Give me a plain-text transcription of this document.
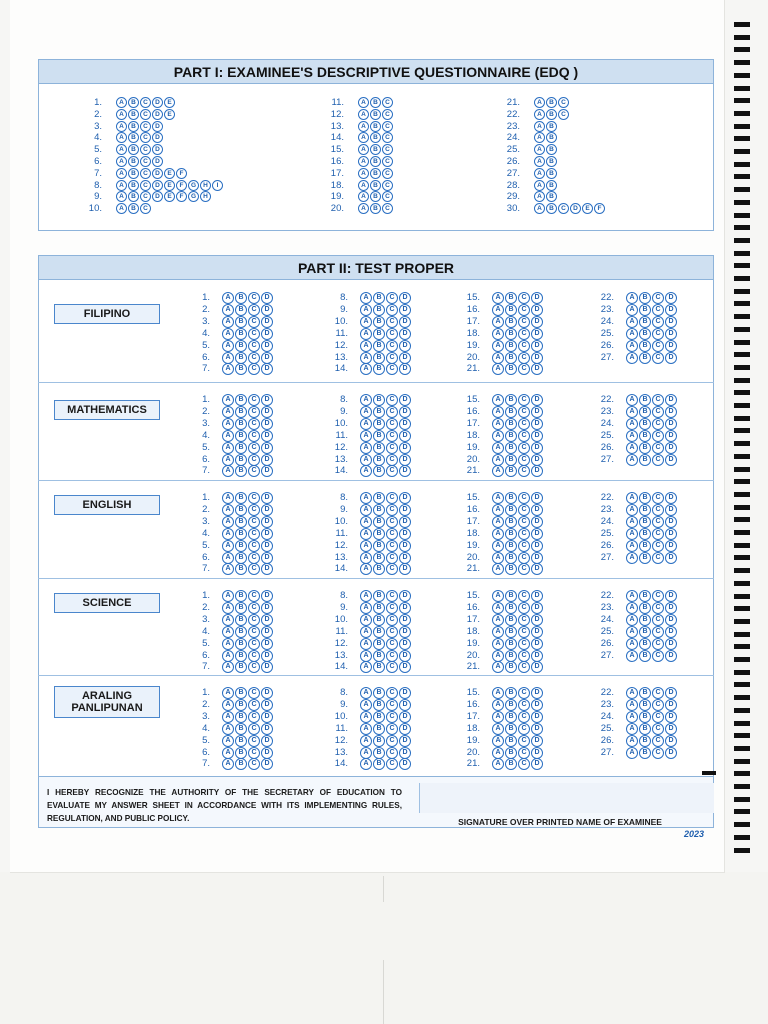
PART I: EXAMINEE'S DESCRIPTIVE QUESTIONNAIRE (EDQ )
PART II: TEST PROPER
I HEREBY RECOGNIZE THE AUTHORITY OF THE SECRETARY OF EDUCATION TO EVALUATE MY ANSWER SHEET IN ACCORDANCE WITH ITS IMPLEMENTING RULES, REGULATION, AND PUBLIC POLICY.	SIGNATURE OVER PRINTED NAME OF EXAMINEE
2023
1.	A	B	C	D	E
2.	A	B	C	D	E
3.	A	B	C	D
4.	A	B	C	D
5.	A	B	C	D
6.	A	B	C	D
7.	A	B	C	D	E	F
8.	A	B	C	D	E	F	G	H	I
9.	A	B	C	D	E	F	G	H
10.	A	B	C
11.	A	B	C
12.	A	B	C
13.	A	B	C
14.	A	B	C
15.	A	B	C
16.	A	B	C
17.	A	B	C
18.	A	B	C
19.	A	B	C
20.	A	B	C
21.	A	B	C
22.	A	B	C
23.	A	B
24.	A	B
25.	A	B
26.	A	B
27.	A	B
28.	A	B
29.	A	B
30.	A	B	C	D	E	F
FILIPINO
1.	A	B	C	D
2.	A	B	C	D
3.	A	B	C	D
4.	A	B	C	D
5.	A	B	C	D
6.	A	B	C	D
7.	A	B	C	D
8.	A	B	C	D
9.	A	B	C	D
10.	A	B	C	D
11.	A	B	C	D
12.	A	B	C	D
13.	A	B	C	D
14.	A	B	C	D
15.	A	B	C	D
16.	A	B	C	D
17.	A	B	C	D
18.	A	B	C	D
19.	A	B	C	D
20.	A	B	C	D
21.	A	B	C	D
22.	A	B	C	D
23.	A	B	C	D
24.	A	B	C	D
25.	A	B	C	D
26.	A	B	C	D
27.	A	B	C	D
MATHEMATICS
1.	A	B	C	D
2.	A	B	C	D
3.	A	B	C	D
4.	A	B	C	D
5.	A	B	C	D
6.	A	B	C	D
7.	A	B	C	D
8.	A	B	C	D
9.	A	B	C	D
10.	A	B	C	D
11.	A	B	C	D
12.	A	B	C	D
13.	A	B	C	D
14.	A	B	C	D
15.	A	B	C	D
16.	A	B	C	D
17.	A	B	C	D
18.	A	B	C	D
19.	A	B	C	D
20.	A	B	C	D
21.	A	B	C	D
22.	A	B	C	D
23.	A	B	C	D
24.	A	B	C	D
25.	A	B	C	D
26.	A	B	C	D
27.	A	B	C	D
ENGLISH
1.	A	B	C	D
2.	A	B	C	D
3.	A	B	C	D
4.	A	B	C	D
5.	A	B	C	D
6.	A	B	C	D
7.	A	B	C	D
8.	A	B	C	D
9.	A	B	C	D
10.	A	B	C	D
11.	A	B	C	D
12.	A	B	C	D
13.	A	B	C	D
14.	A	B	C	D
15.	A	B	C	D
16.	A	B	C	D
17.	A	B	C	D
18.	A	B	C	D
19.	A	B	C	D
20.	A	B	C	D
21.	A	B	C	D
22.	A	B	C	D
23.	A	B	C	D
24.	A	B	C	D
25.	A	B	C	D
26.	A	B	C	D
27.	A	B	C	D
SCIENCE
1.	A	B	C	D
2.	A	B	C	D
3.	A	B	C	D
4.	A	B	C	D
5.	A	B	C	D
6.	A	B	C	D
7.	A	B	C	D
8.	A	B	C	D
9.	A	B	C	D
10.	A	B	C	D
11.	A	B	C	D
12.	A	B	C	D
13.	A	B	C	D
14.	A	B	C	D
15.	A	B	C	D
16.	A	B	C	D
17.	A	B	C	D
18.	A	B	C	D
19.	A	B	C	D
20.	A	B	C	D
21.	A	B	C	D
22.	A	B	C	D
23.	A	B	C	D
24.	A	B	C	D
25.	A	B	C	D
26.	A	B	C	D
27.	A	B	C	D
ARALING PANLIPUNAN
1.	A	B	C	D
2.	A	B	C	D
3.	A	B	C	D
4.	A	B	C	D
5.	A	B	C	D
6.	A	B	C	D
7.	A	B	C	D
8.	A	B	C	D
9.	A	B	C	D
10.	A	B	C	D
11.	A	B	C	D
12.	A	B	C	D
13.	A	B	C	D
14.	A	B	C	D
15.	A	B	C	D
16.	A	B	C	D
17.	A	B	C	D
18.	A	B	C	D
19.	A	B	C	D
20.	A	B	C	D
21.	A	B	C	D
22.	A	B	C	D
23.	A	B	C	D
24.	A	B	C	D
25.	A	B	C	D
26.	A	B	C	D
27.	A	B	C	D
